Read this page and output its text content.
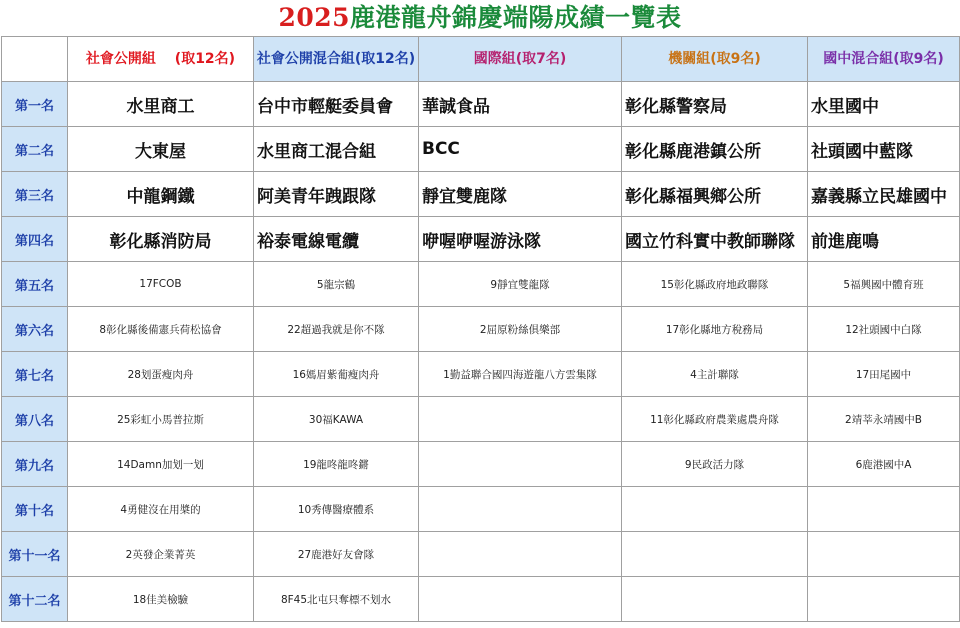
2025鹿港龍舟錦慶端陽成績一覽表
	社會公開組　 (取12名)	社會公開混合組(取12名)	國際組(取7名)	機關組(取9名)	國中混合組(取9名)
第一名	水里商工	台中市輕艇委員會	華誠食品	彰化縣警察局	水里國中
第二名	大東屋	水里商工混合組	BCC	彰化縣鹿港鎮公所	社頭國中藍隊
第三名	中龍鋼鐵	阿美青年跩跟隊	靜宜雙鹿隊	彰化縣福興鄉公所	嘉義縣立民雄國中
第四名	彰化縣消防局	裕泰電線電纜	咿喔咿喔游泳隊	國立竹科實中教師聯隊	前進鹿鳴
第五名	17FCOB	5龍宗鶴	9靜宜雙龍隊	15彰化縣政府地政聯隊	5福興國中體育班
第六名	8彰化縣後備憲兵荷松協會	22超過我就是你不隊	2屈原粉絲俱樂部	17彰化縣地方稅務局	12社頭國中白隊
第七名	28划蛋瘦肉舟	16媽眉紫葡瘦肉舟	1勤益聯合國四海遊龍八方雲集隊	4主計聯隊	17田尾國中
第八名	25彩虹小馬普拉斯	30福KAWA		11彰化縣政府農業處農舟隊	2靖莘永靖國中B
第九名	14Damn加划一划	19龍咚龍咚鏘		9民政活力隊	6鹿港國中A
第十名	4勇健沒在用槳的	10秀傳醫療體系			
第十一名	2英發企業菁英	27鹿港好友會隊			
第十二名	18佳美檢驗	8F45北屯只奪標不划水			
